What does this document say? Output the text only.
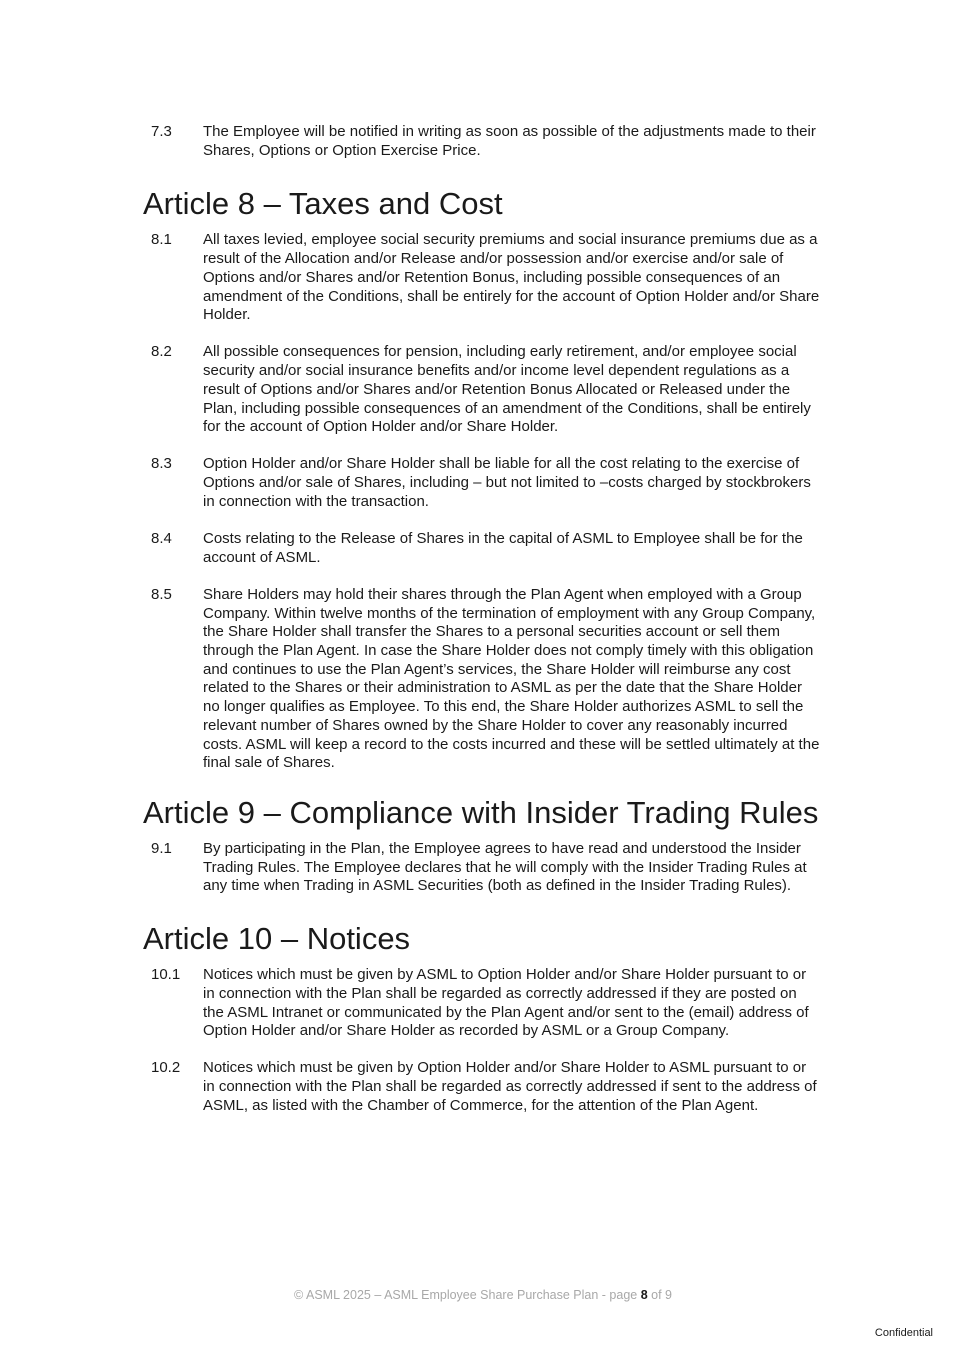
7.3	The Employee will be notified in writing as soon as possible of the adjustments made to their Shares, Options or Option Exercise Price.
Article 8 – Taxes and Cost
8.1	All taxes levied, employee social security premiums and social insurance premiums due as a result of the Allocation and/or Release and/or possession and/or exercise and/or sale of Options and/or Shares and/or Retention Bonus, including possible consequences of an amendment of the Conditions, shall be entirely for the account of Option Holder and/or Share Holder.
8.2	All possible consequences for pension, including early retirement, and/or employee social security and/or social insurance benefits and/or income level dependent regulations as a result of Options and/or Shares and/or Retention Bonus Allocated or Released under the Plan, including possible consequences of an amendment of the Conditions, shall be entirely for the account of Option Holder and/or Share Holder.
8.3	Option Holder and/or Share Holder shall be liable for all the cost relating to the exercise of Options and/or sale of Shares, including – but not limited to –costs charged by stockbrokers in connection with the transaction.
8.4	Costs relating to the Release of Shares in the capital of ASML to Employee shall be for the account of ASML.
8.5	Share Holders may hold their shares through the Plan Agent when employed with a Group Company. Within twelve months of the termination of employment with any Group Company, the Share Holder shall transfer the Shares to a personal securities account or sell them through the Plan Agent. In case the Share Holder does not comply timely with this obligation and continues to use the Plan Agent’s services, the Share Holder will reimburse any cost related to the Shares or their administration to ASML as per the date that the Share Holder no longer qualifies as Employee. To this end, the Share Holder authorizes ASML to sell the relevant number of Shares owned by the Share Holder to cover any reasonably incurred costs. ASML will keep a record to the costs incurred and these will be settled ultimately at the final sale of Shares.
Article 9 – Compliance with Insider Trading Rules
9.1	By participating in the Plan, the Employee agrees to have read and understood the Insider Trading Rules. The Employee declares that he will comply with the Insider Trading Rules at any time when Trading in ASML Securities (both as defined in the Insider Trading Rules).
Article 10 – Notices
10.1	Notices which must be given by ASML to Option Holder and/or Share Holder pursuant to or in connection with the Plan shall be regarded as correctly addressed if they are posted on the ASML Intranet or communicated by the Plan Agent and/or sent to the (email) address of Option Holder and/or Share Holder as recorded by ASML or a Group Company.
10.2	Notices which must be given by Option Holder and/or Share Holder to ASML pursuant to or in connection with the Plan shall be regarded as correctly addressed if sent to the address of ASML, as listed with the Chamber of Commerce, for the attention of the Plan Agent.
© ASML 2025 – ASML Employee Share Purchase Plan - page 8 of 9
Confidential
